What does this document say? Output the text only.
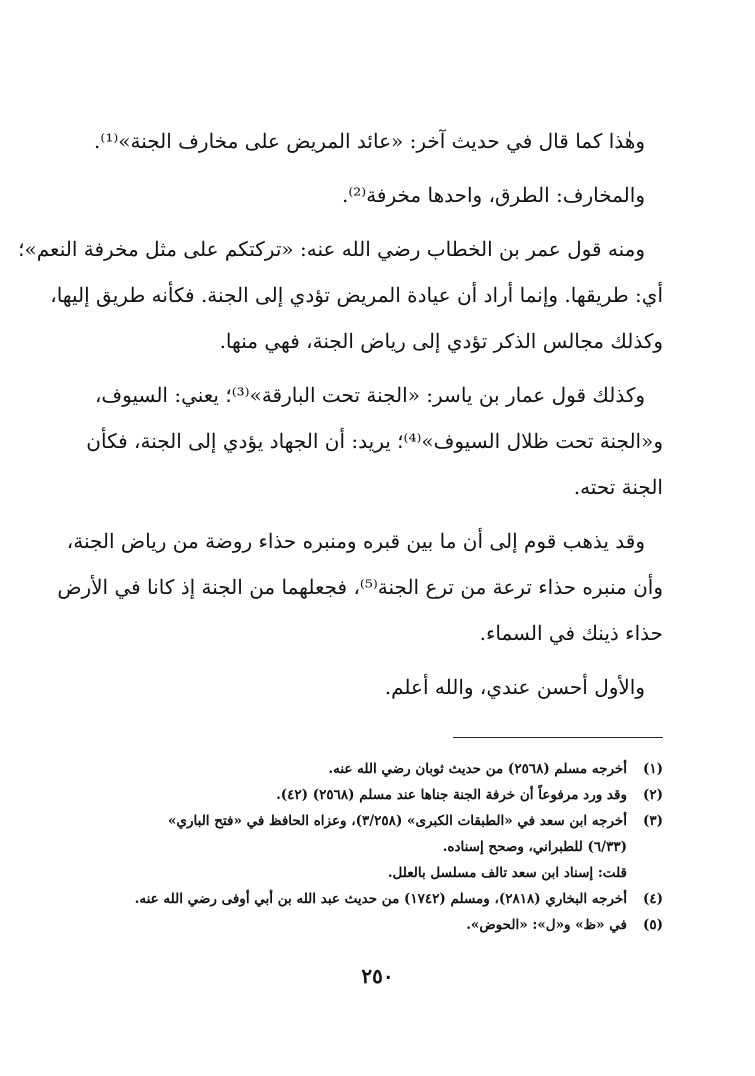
وهٰذا كما قال في حديث آخر: «عائد المريض على مخارف الجنة»⁽¹⁾.

والمخارف: الطرق، واحدها مخرفة⁽²⁾.

ومنه قول عمر بن الخطاب رضي الله عنه: «تركتكم على مثل مخرفة النعم»؛
أي: طريقها. وإنما أراد أن عيادة المريض تؤدي إلى الجنة. فكأنه طريق إليها،
وكذلك مجالس الذكر تؤدي إلى رياض الجنة، فهي منها.

وكذلك قول عمار بن ياسر: «الجنة تحت البارقة»⁽³⁾؛ يعني: السيوف،
و«الجنة تحت ظلال السيوف»⁽⁴⁾؛ يريد: أن الجهاد يؤدي إلى الجنة، فكأن
الجنة تحته.

وقد يذهب قوم إلى أن ما بين قبره ومنبره حذاء روضة من رياض الجنة،
وأن منبره حذاء ترعة من ترع الجنة⁽⁵⁾، فجعلهما من الجنة إذ كانا في الأرض
حذاء ذينك في السماء.

والأول أحسن عندي، والله أعلم.

(١)
أخرجه مسلم (٢٥٦٨) من حديث ثوبان رضي الله عنه.
(٢)
وقد ورد مرفوعاً أن خرفة الجنة جناها عند مسلم (٢٥٦٨) (٤٢).
(٣)
أخرجه ابن سعد في «الطبقات الكبرى» (٣/٢٥٨)، وعزاه الحافظ في «فتح الباري»
(٦/٣٣) للطبراني، وصحح إسناده.
قلت: إسناد ابن سعد تالف مسلسل بالعلل.
(٤)
أخرجه البخاري (٢٨١٨)، ومسلم (١٧٤٢) من حديث عبد الله بن أبي أوفى رضي الله عنه.
(٥)
في «ظ» و«ل»: «الحوض».
٢٥٠
